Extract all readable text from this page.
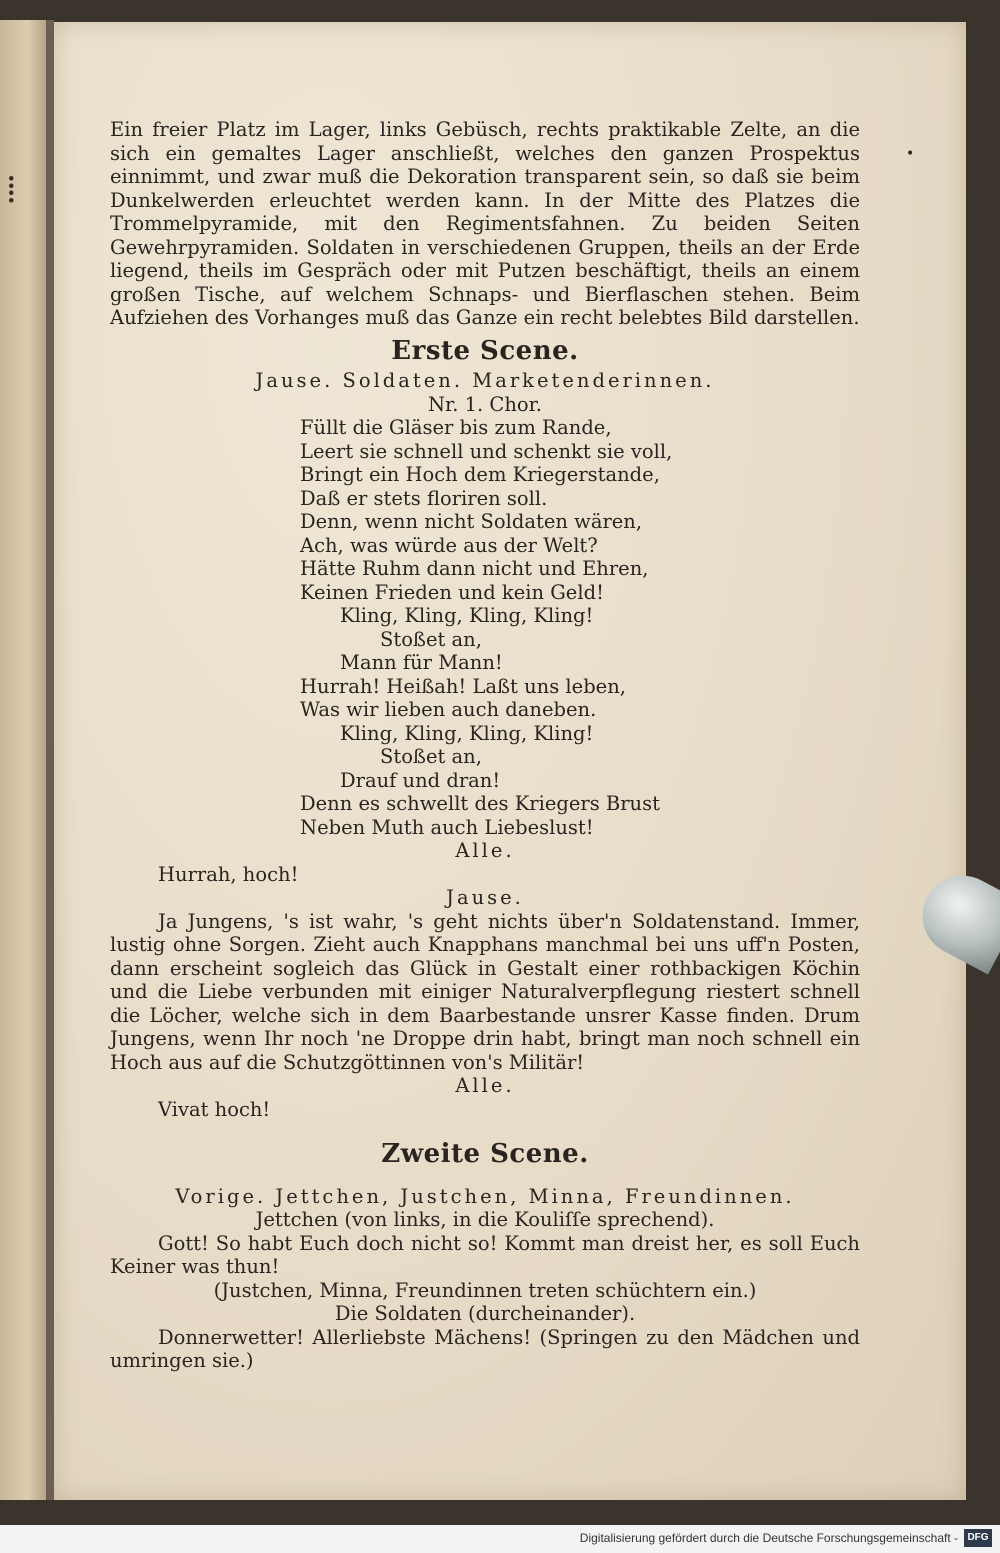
⁞
•

Ein freier Platz im Lager, links Gebüsch, rechts praktikable Zelte, an die sich ein gemaltes Lager anschließt, welches den ganzen Prospektus einnimmt, und zwar muß die Dekoration transparent sein, so daß sie beim Dunkelwerden erleuchtet werden kann. In der Mitte des Platzes die Trommelpyramide, mit den Regimentsfahnen. Zu beiden Seiten Gewehrpyramiden. Soldaten in verschiedenen Gruppen, theils an der Erde liegend, theils im Gespräch oder mit Putzen beschäftigt, theils an einem großen Tische, auf welchem Schnaps- und Bierflaschen stehen. Beim Aufziehen des Vorhanges muß das Ganze ein recht belebtes Bild darstellen.

Erste Scene.
Jause. Soldaten. Marketenderinnen.
Nr. 1. Chor.
Füllt die Gläser bis zum Rande,
Leert sie schnell und schenkt sie voll,
Bringt ein Hoch dem Kriegerstande,
Daß er stets floriren soll.
Denn, wenn nicht Soldaten wären,
Ach, was würde aus der Welt?
Hätte Ruhm dann nicht und Ehren,
Keinen Frieden und kein Geld!
Kling, Kling, Kling, Kling!
Stoßet an,
Mann für Mann!
Hurrah! Heißah! Laßt uns leben,
Was wir lieben auch daneben.
Kling, Kling, Kling, Kling!
Stoßet an,
Drauf und dran!
Denn es schwellt des Kriegers Brust
Neben Muth auch Liebeslust!
Alle.

Hurrah, hoch!

Jause.

Ja Jungens, 's ist wahr, 's geht nichts über'n Soldatenstand. Immer, lustig ohne Sorgen. Zieht auch Knapphans manchmal bei uns uff'n Posten, dann erscheint sogleich das Glück in Gestalt einer rothbackigen Köchin und die Liebe verbunden mit einiger Naturalverpflegung riestert schnell die Löcher, welche sich in dem Baarbestande unsrer Kasse finden. Drum Jungens, wenn Ihr noch 'ne Droppe drin habt, bringt man noch schnell ein Hoch aus auf die Schutzgöttinnen von's Militär!

Alle.

Vivat hoch!

Zweite Scene.
Vorige. Jettchen, Justchen, Minna, Freundinnen.
Jettchen (von links, in die Kouliſſe sprechend).

Gott! So habt Euch doch nicht so! Kommt man dreist her, es soll Euch Keiner was thun!

(Justchen, Minna, Freundinnen treten schüchtern ein.)
Die Soldaten (durcheinander).

Donnerwetter! Allerliebste Mächens! (Springen zu den Mädchen und umringen sie.)

Digitalisierung gefördert durch die Deutsche Forschungsgemeinschaft - DFG
